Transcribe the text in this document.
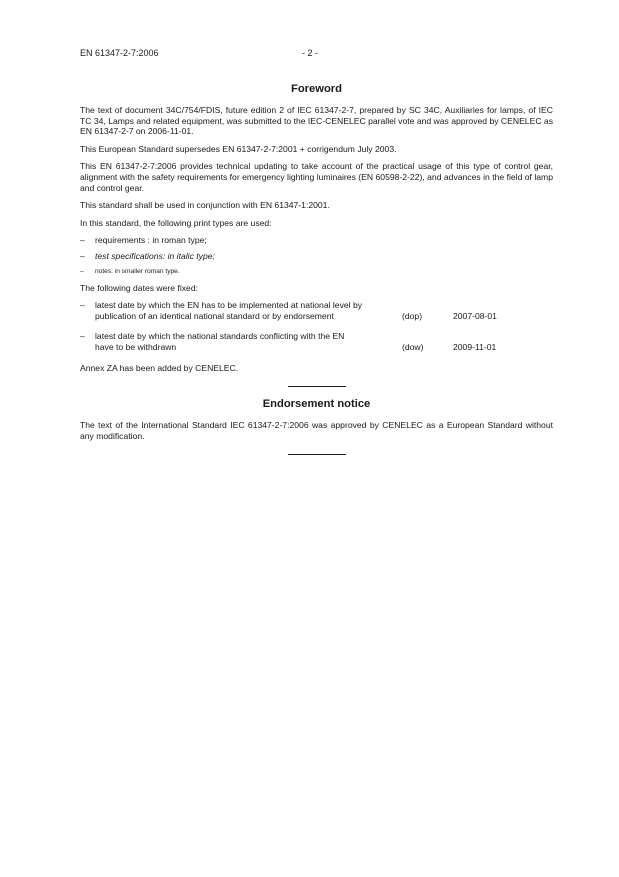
EN 61347-2-7:2006	- 2 -
Foreword

The text of document 34C/754/FDIS, future edition 2 of IEC 61347-2-7, prepared by SC 34C, Auxiliaries for lamps, of IEC TC 34, Lamps and related equipment, was submitted to the IEC-CENELEC parallel vote and was approved by CENELEC as EN 61347-2-7 on 2006-11-01.

This European Standard supersedes EN 61347-2-7:2001 + corrigendum July 2003.

This EN 61347-2-7:2006 provides technical updating to take account of the practical usage of this type of control gear, alignment with the safety requirements for emergency lighting luminaires (EN 60598-2-22), and advances in the field of lamp and control gear.

This standard shall be used in conjunction with EN 61347-1:2001.

In this standard, the following print types are used:

– requirements : in roman type;
– test specifications: in italic type;
– notes: in smaller roman type.

The following dates were fixed:

– latest date by which the EN has to be implemented at national level by publication of an identical national standard or by endorsement	(dop)	2007-08-01
– latest date by which the national standards conflicting with the EN have to be withdrawn	(dow)	2009-11-01

Annex ZA has been added by CENELEC.

Endorsement notice

The text of the International Standard IEC 61347-2-7:2006 was approved by CENELEC as a European Standard without any modification.
